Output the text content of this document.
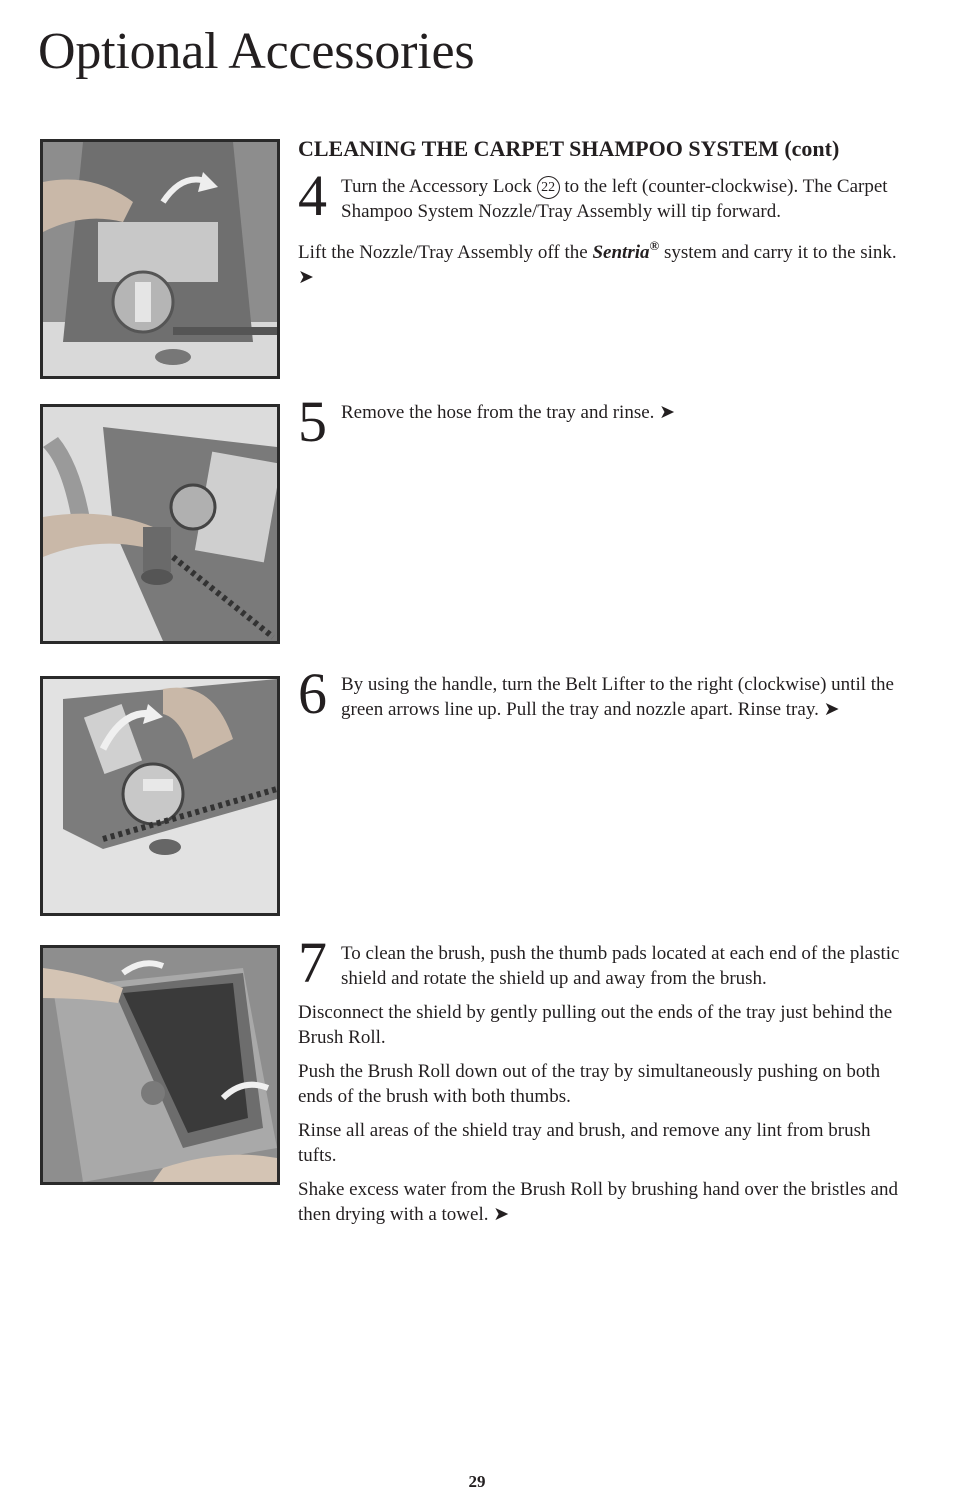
Optional Accessories
CLEANING THE CARPET SHAMPOO SYSTEM (cont)
4 Turn the Accessory Lock 22 to the left (counter-clockwise). The Carpet Shampoo System Nozzle/Tray Assembly will tip forward.

Lift the Nozzle/Tray Assembly off the Sentria® system and carry it to the sink. ➤

5 Remove the hose from the tray and rinse. ➤

6 By using the handle, turn the Belt Lifter to the right (clockwise) until the green arrows line up. Pull the tray and nozzle apart. Rinse tray. ➤

7 To clean the brush, push the thumb pads located at each end of the plastic shield and rotate the shield up and away from the brush.

Disconnect the shield by gently pulling out the ends of the tray just behind the Brush Roll.

Push the Brush Roll down out of the tray by simultaneously pushing on both ends of the brush with both thumbs.

Rinse all areas of the shield tray and brush, and remove any lint from brush tufts.

Shake excess water from the Brush Roll by brushing hand over the bristles and then drying with a towel. ➤

29
